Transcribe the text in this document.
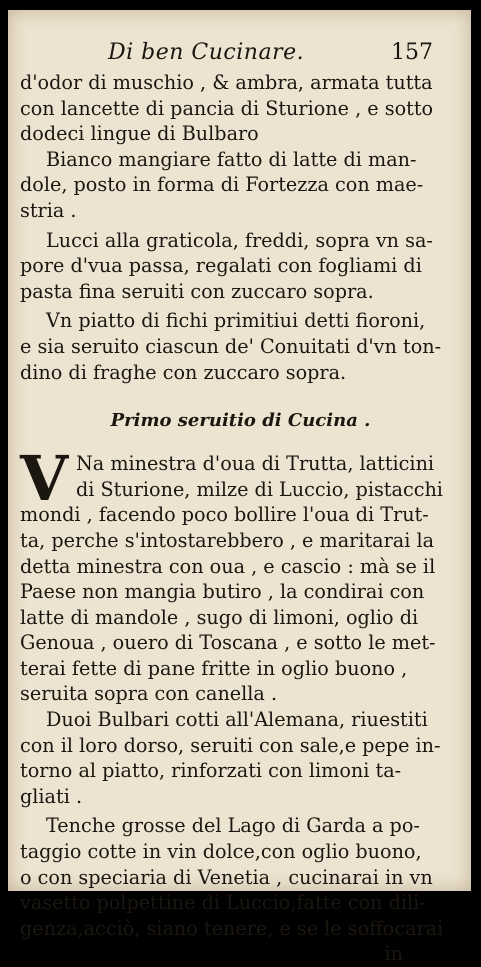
Di ben Cucinare.	157
d'odor di muschio , & ambra, armata tutta
con lancette di pancia di Sturione , e sotto
dodeci lingue di Bulbaro
Bianco mangiare fatto di latte di man-
dole, posto in forma di Fortezza con mae-
stria .
Lucci alla graticola, freddi, sopra vn sa-
pore d'vua passa, regalati con fogliami di
pasta fina seruiti con zuccaro sopra.
Vn piatto di fichi primitiui detti fioroni,
e sia seruito ciascun de' Conuitati d'vn ton-
dino di fraghe con zuccaro sopra.
Primo seruitio di Cucina .
V Na minestra d'oua di Trutta, latticini
di Sturione, milze di Luccio, pistacchi
mondi , facendo poco bollire l'oua di Trut-
ta, perche s'intostarebbero , e maritarai la
detta minestra con oua , e cascio : mà se il
Paese non mangia butiro , la condirai con
latte di mandole , sugo di limoni, oglio di
Genoua , ouero di Toscana , e sotto le met-
terai fette di pane fritte in oglio buono ,
seruita sopra con canella .
Duoi Bulbari cotti all'Alemana, riuestiti
con il loro dorso, seruiti con sale,e pepe in-
torno al piatto, rinforzati con limoni ta-
gliati .
Tenche grosse del Lago di Garda a po-
taggio cotte in vin dolce,con oglio buono,
o con speciaria di Venetia , cucinarai in vn
vasetto polpettine di Luccio,fatte con dili-
genza,acciò, siano tenere, e se le soffocarai
in
